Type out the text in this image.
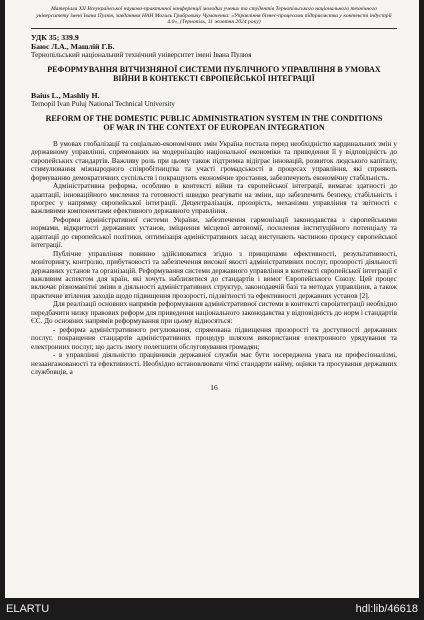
Матеріали XII Всеукраїнської науково-практичної конференції молодих учених та студентів Тернопільського національного технічного університету імені Івана Пулюя, завданням НАН Могиль Грибровичу Чумаченка: «Управління бізнес-процесами підприємства у контексті індустрії 4.0», (Тернопіль, 11 жовтня 2024 року)
УДК 35; 339.9
Баюс Л.А., Машлій Г.Б.
Тернопільський національний технічний університет імені Івана Пулюя
РЕФОРМУВАННЯ ВІТЧИЗНЯНОЇ СИСТЕМИ ПУБЛІЧНОГО УПРАВЛІННЯ В УМОВАХ ВІЙНИ В КОНТЕКСТІ ЄВРОПЕЙСЬКОЇ ІНТЕГРАЦІЇ
Baius L., Mashliy H.
Ternopil Ivan Puluj National Technical University
REFORM OF THE DOMESTIC PUBLIC ADMINISTRATION SYSTEM IN THE CONDITIONS OF WAR IN THE CONTEXT OF EUROPEAN INTEGRATION

В умовах глобалізації та соціально-економічних змін Україна постала перед необхідністю кардинальних змін у державному управлінні, спрямованих на модернізацію національної економіки та приведення її у відповідність до європейських стандартів. Важливу роль при цьому також підтримка відіграє інновацій, розвиток людського капіталу, стимулювання міжнародного співробітництва та участі громадськості в процесах управління, які сприяють формуванню демократичних суспільств і покращують економічне зростання, забезпечують економічну стабільність.

Адміністративна реформа, особливо в контексті війни та європейської інтеграції, вимагає здатності до адаптації, інноваційного мислення та готовності швидко реагувати на зміни, що забезпечить безпеку, стабільність і прогрес у напрямку європейської інтеграції. Децентралізація, прозорість, механізми управління та звітності є важливими компонентами ефективного державного управління.

Реформи адміністративної системи України, забезпечення гармонізації законодавства з європейськими нормами, відкритості державних установ, зміцнення місцевої автономії, посилення інституційного потенціалу та адаптації до європейської політики, оптимізація адміністративних засад виступають частиною процесу європейської інтеграції.

Публічне управління повинно здійснюватися згідно з принципами ефективності, результативності, моніторингу, контролю, прибутковості та забезпечення високої якості адміністративних послуг, прозорості діяльності державних установ та організацій. Реформування системи державного управління в контексті європейської інтеграції є важливим аспектом для країн, які хочуть наблизитися до стандартів і вимог Європейського Союзу. Цей процес включає різноманітні зміни в діяльності адміністративних структур, законодавчій базі та методах управління, а також практичне втілення заходів щодо підвищення прозорості, підзвітності та ефективності державних установ [2].

Для реалізації основних напрямів реформування адміністративної системи в контексті євроінтеграції необхідно передбачити низку правових реформ для приведення національного законодавства у відповідність до норм і стандартів ЄС. До основних напрямів реформування при цьому відносяться:

- реформа адміністративного регулювання, спрямована підвищення прозорості та доступності державних послуг, покращення стандартів адміністративних процедур шляхом використання електронного урядування та електронних послуг, що дасть змогу полегшити обслуговування громадян;

- в управлінні діяльністю працівників державної служби має бути зосереджена увага на професіоналізмі, незаангажованості та ефективності. Необхідно встановлювати чіткі стандарти найму, оцінки та просування державних службовців, а

16
ELARTU	hdl:lib/46618
